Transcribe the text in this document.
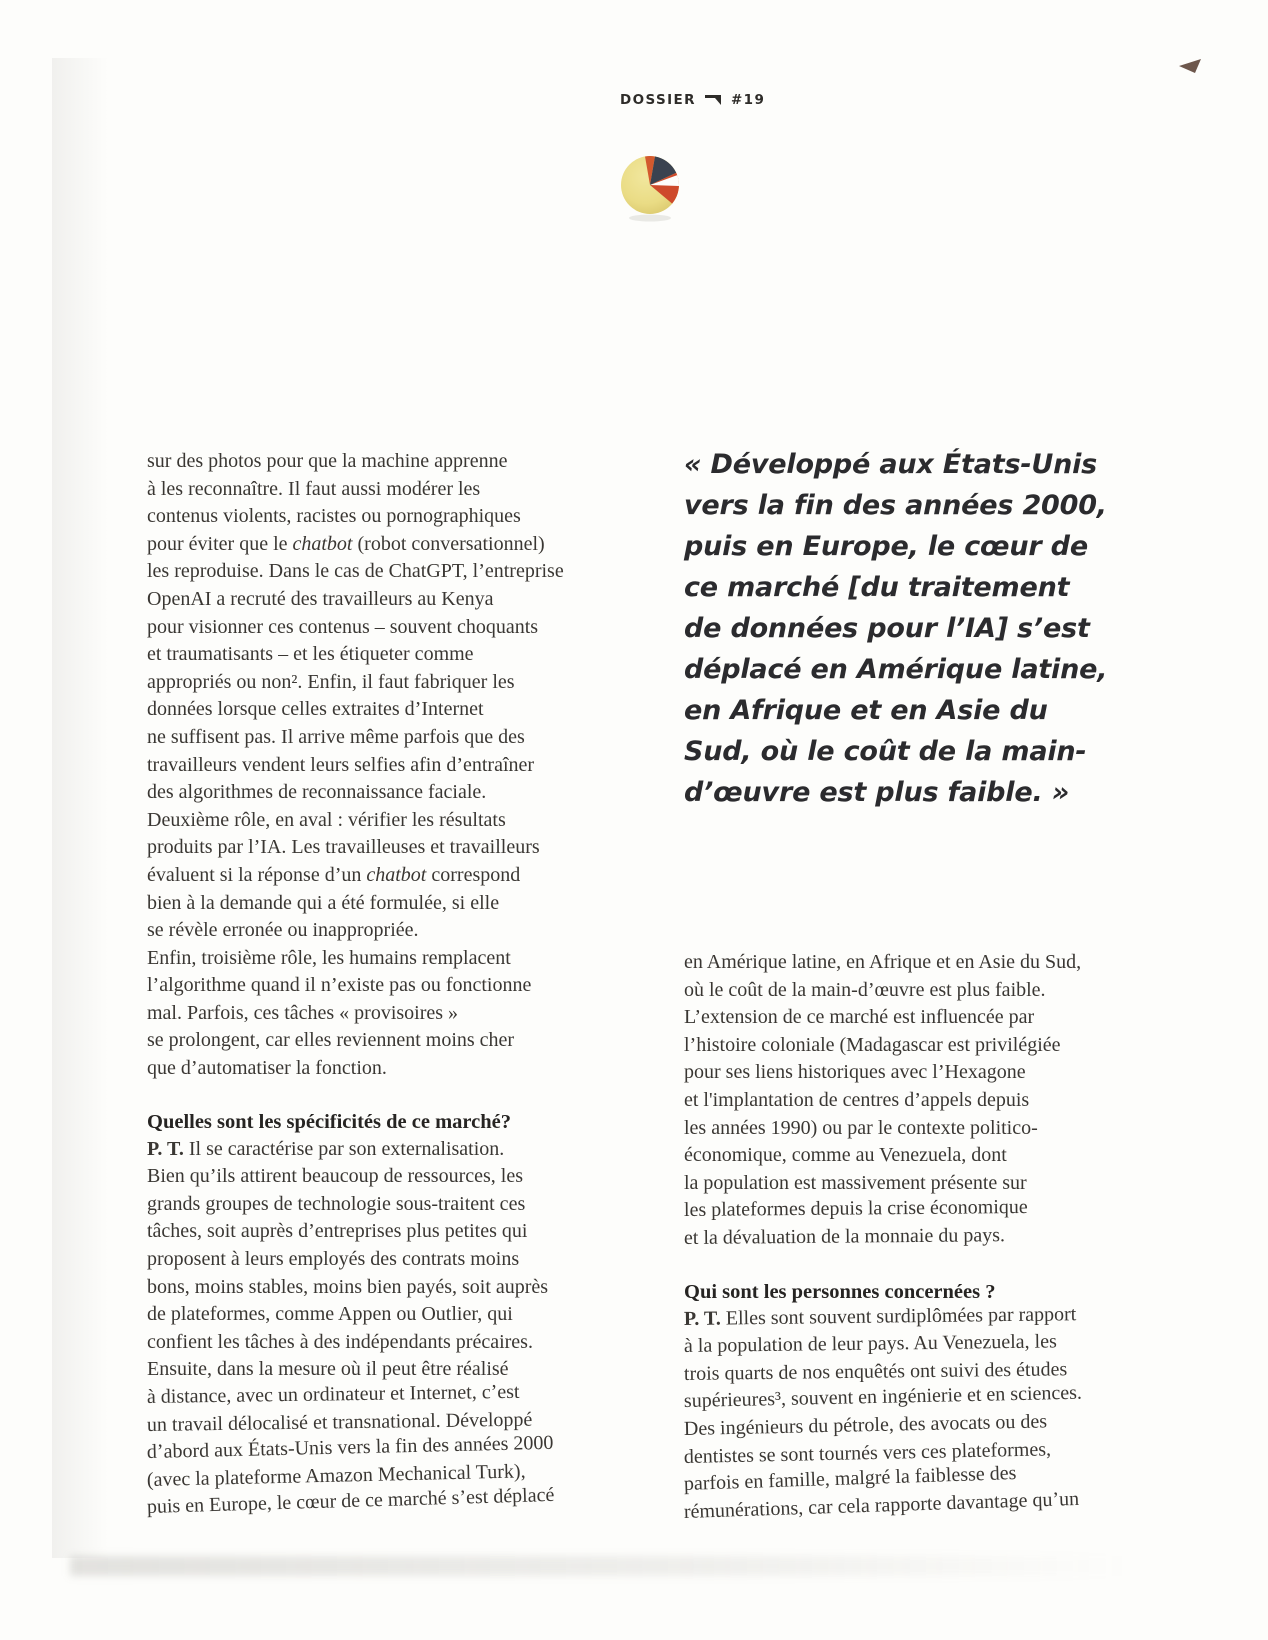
DOSSIER	#19
sur des photos pour que la machine apprenne
à les reconnaître. Il faut aussi modérer les
contenus violents, racistes ou pornographiques
pour éviter que le chatbot (robot conversationnel)
les reproduise. Dans le cas de ChatGPT, l’entreprise
OpenAI a recruté des travailleurs au Kenya
pour visionner ces contenus – souvent choquants
et traumatisants – et les étiqueter comme
appropriés ou non². Enfin, il faut fabriquer les
données lorsque celles extraites d’Internet
ne suffisent pas. Il arrive même parfois que des
travailleurs vendent leurs selfies afin d’entraîner
des algorithmes de reconnaissance faciale.
Deuxième rôle, en aval : vérifier les résultats
produits par l’IA. Les travailleuses et travailleurs
évaluent si la réponse d’un chatbot correspond
bien à la demande qui a été formulée, si elle
se révèle erronée ou inappropriée.
Enfin, troisième rôle, les humains remplacent
l’algorithme quand il n’existe pas ou fonctionne
mal. Parfois, ces tâches « provisoires »
se prolongent, car elles reviennent moins cher
que d’automatiser la fonction.
Quelles sont les spécificités de ce marché?
P. T. Il se caractérise par son externalisation.
Bien qu’ils attirent beaucoup de ressources, les
grands groupes de technologie sous-traitent ces
tâches, soit auprès d’entreprises plus petites qui
proposent à leurs employés des contrats moins
bons, moins stables, moins bien payés, soit auprès
de plateformes, comme Appen ou Outlier, qui
confient les tâches à des indépendants précaires.
Ensuite, dans la mesure où il peut être réalisé
à distance, avec un ordinateur et Internet, c’est
un travail délocalisé et transnational. Développé
d’abord aux États-Unis vers la fin des années 2000
(avec la plateforme Amazon Mechanical Turk),
puis en Europe, le cœur de ce marché s’est déplacé
« Développé aux États-Unis
vers la fin des années 2000,
puis en Europe, le cœur de
ce marché [du traitement
de données pour l’IA] s’est
déplacé en Amérique latine,
en Afrique et en Asie du
Sud, où le coût de la main-
d’œuvre est plus faible. »
en Amérique latine, en Afrique et en Asie du Sud,
où le coût de la main-d’œuvre est plus faible.
L’extension de ce marché est influencée par
l’histoire coloniale (Madagascar est privilégiée
pour ses liens historiques avec l’Hexagone
et l'implantation de centres d’appels depuis
les années 1990) ou par le contexte politico-
économique, comme au Venezuela, dont
la population est massivement présente sur
les plateformes depuis la crise économique
et la dévaluation de la monnaie du pays.
Qui sont les personnes concernées ?
P. T. Elles sont souvent surdiplômées par rapport
à la population de leur pays. Au Venezuela, les
trois quarts de nos enquêtés ont suivi des études
supérieures³, souvent en ingénierie et en sciences.
Des ingénieurs du pétrole, des avocats ou des
dentistes se sont tournés vers ces plateformes,
parfois en famille, malgré la faiblesse des
rémunérations, car cela rapporte davantage qu’un
